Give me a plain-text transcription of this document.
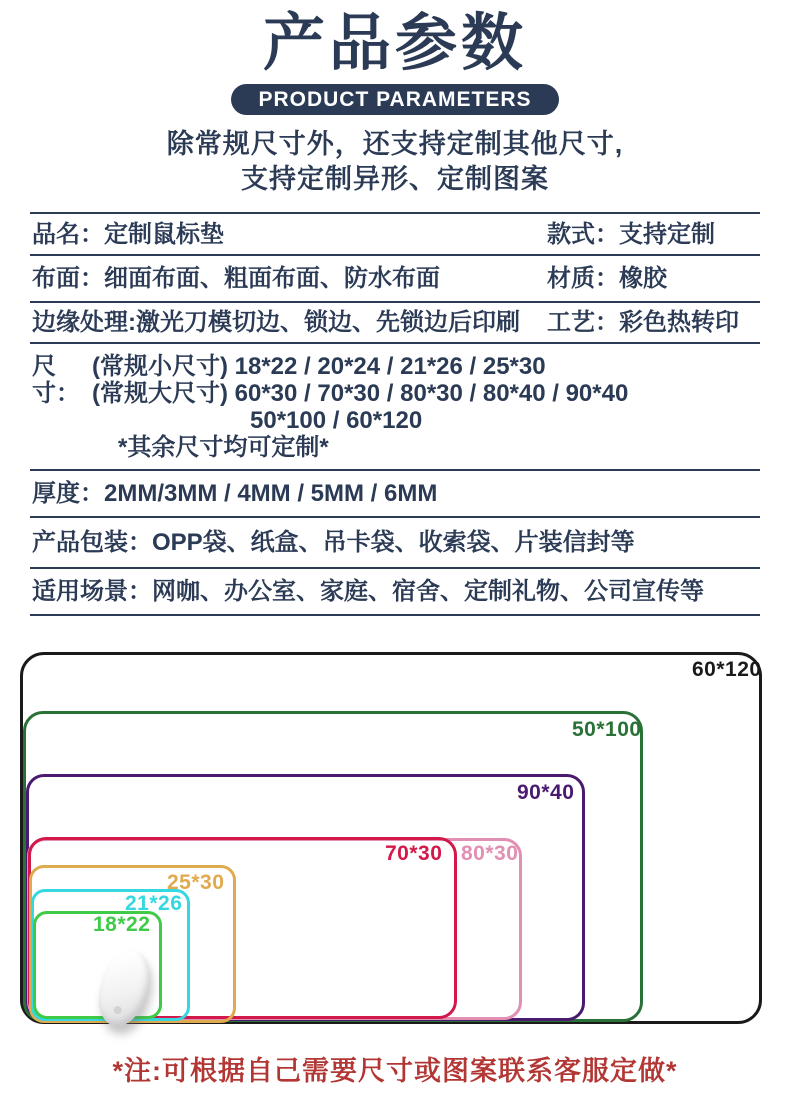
产品参数
PRODUCT PARAMETERS
除常规尺寸外，还支持定制其他尺寸,
支持定制异形、定制图案
品名：定制鼠标垫	款式：支持定制
布面：细面布面、粗面布面、防水布面	材质：橡胶
边缘处理:激光刀模切边、锁边、先锁边后印刷	工艺：彩色热转印
尺寸：
(常规小尺寸) 18*22 / 20*24 / 21*26 / 25*30
(常规大尺寸) 60*30 / 70*30 / 80*30 / 80*40 / 90*40
50*100 / 60*120
*其余尺寸均可定制*
厚度：2MM/3MM / 4MM / 5MM / 6MM
产品包装：OPP袋、纸盒、吊卡袋、收索袋、片装信封等
适用场景：网咖、办公室、家庭、宿舍、定制礼物、公司宣传等
60*120
50*100
90*40
80*30
70*30
25*30
21*26
18*22
*注:可根据自己需要尺寸或图案联系客服定做*
